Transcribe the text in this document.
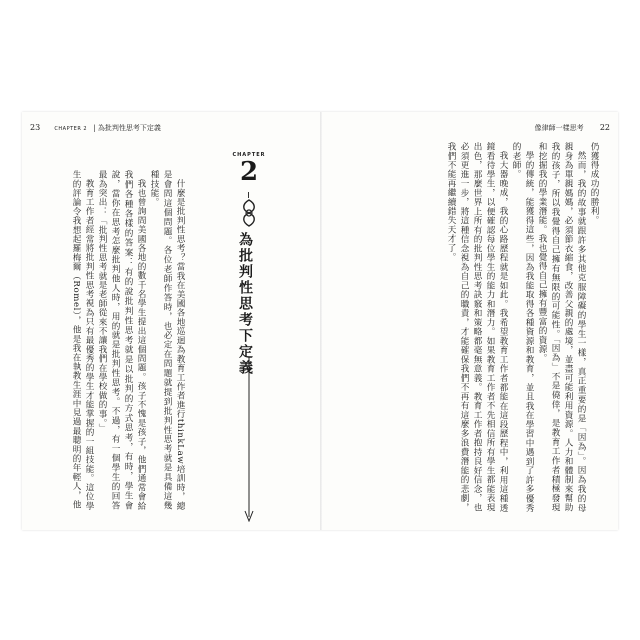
23	CHAPTER 2 | 為批判性思考下定義	像律師一樣思考 22

什麼是批判性思考？當我在美國各地巡迴為教育工作者進行thinkLaw培訓時，總是會問這個問題。各位老師作答時，也必定在問題就提到批判性思考就是具備這幾種技能。

我也曾詢問美國各地的數千名學生提出這個問題。孩子不愧是孩子，他們通常會給我們各種各樣的答案：有的說批判性思考就是以批判的方式思考，有時，學生會說，當你在思考怎麼批判他人時，用的就是批判性思考。不過，有一個學生的回答最為突出：「批判性思考就是老師從來不讓我們在學校做的事。」

教育工作者經常將批判性思考視為只有最優秀的學生才能掌握的一組技能。這位學生的評論令我想起羅梅爾（Romel），他是我在執教生涯中見過最聰明的年輕人，他

CHAPTER
2
為批判性思考下定義

仍獲得成功的勝利。

然而，我的故事就跟許多其他克服障礙的學生一樣，真正重要的是「因為」。因為我的母親身為單親媽媽，必須節衣縮食，改善父親的處境，並盡可能利用資源。人力和體制來幫助我的孩子，所以我覺得自己擁有無限的可能性。「因為」不是僥倖，是教育工作者積極發現和挖掘我的學業潛能。我也覺得自己擁有豐富的資源。

學的傳統，能獲得這些，因為我能取得各種資源和教育，並且我在學習中遇到了許多優秀的老師。

我大器晚成，我的心路歷程就是如此。我希望教育工作者都能在這段歷程中，利用這種透鏡看待學生，以便確認每位學生的能力和潛力。如果教育工作者不先相信所有學生都能表現出色，那麼世界上所有的批判性思考訣竅和策略都毫無意義。教育工作者抱持良好信念，也必須更進一步，將這種信念視為自己的職責，才能確保我們不再有這麼多浪費潛能的悲劇，我們不能再繼續錯失天才了。
